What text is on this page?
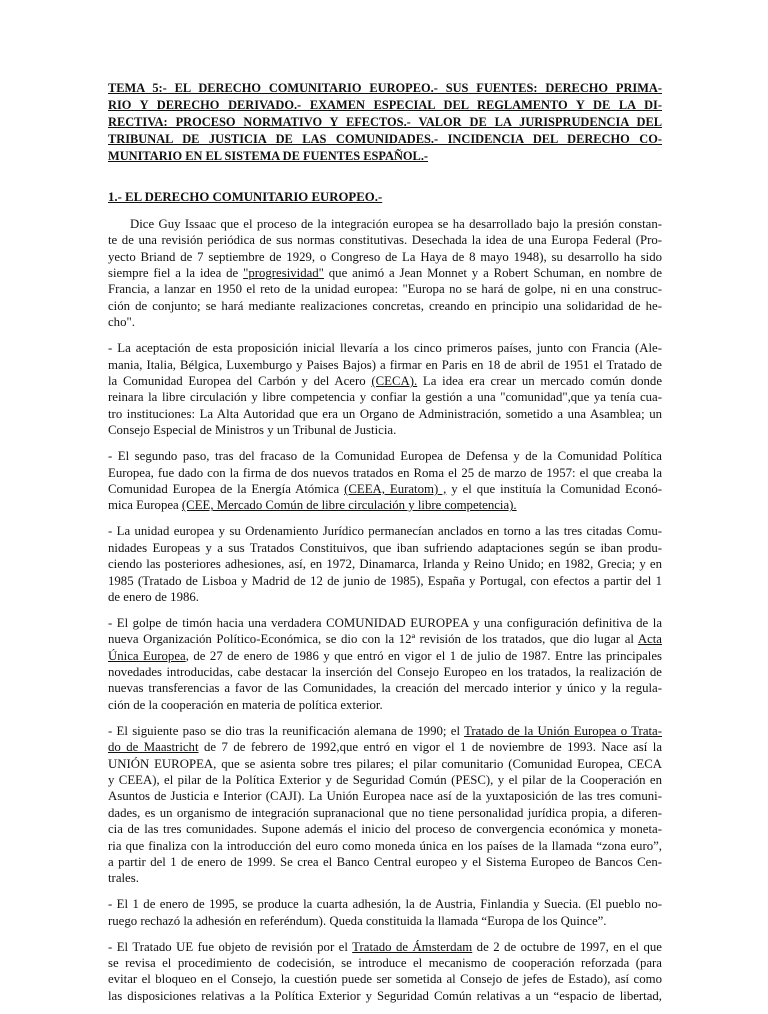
TEMA 5:- EL DERECHO COMUNITARIO EUROPEO.- SUS FUENTES: DERECHO PRIMA-
RIO Y DERECHO DERIVADO.- EXAMEN ESPECIAL DEL REGLAMENTO Y DE LA DI-
RECTIVA: PROCESO NORMATIVO Y EFECTOS.- VALOR DE LA JURISPRUDENCIA DEL
TRIBUNAL DE JUSTICIA DE LAS COMUNIDADES.- INCIDENCIA DEL DERECHO CO-
MUNITARIO EN EL SISTEMA DE FUENTES ESPAÑOL.-
1.- EL DERECHO COMUNITARIO EUROPEO.-
Dice Guy Issaac que el proceso de la integración europea se ha desarrollado bajo la presión constan-
te de una revisión periódica de sus normas constitutivas. Desechada la idea de una Europa Federal (Pro-
yecto Briand de 7 septiembre de 1929, o Congreso de La Haya de 8 mayo 1948), su desarrollo ha sido
siempre fiel a la idea de "progresividad" que animó a Jean Monnet y a Robert Schuman, en nombre de
Francia, a lanzar en 1950 el reto de la unidad europea: "Europa no se hará de golpe, ni en una construc-
ción de conjunto; se hará mediante realizaciones concretas, creando en principio una solidaridad de he-
cho".
- La aceptación de esta proposición inicial llevaría a los cinco primeros países, junto con Francia (Ale-
mania, Italia, Bélgica, Luxemburgo y Paises Bajos) a firmar en Paris en 18 de abril de 1951 el Tratado de
la Comunidad Europea del Carbón y del Acero (CECA). La idea era crear un mercado común donde
reinara la libre circulación y libre competencia y confiar la gestión a una "comunidad",que ya tenía cua-
tro instituciones: La Alta Autoridad que era un Organo de Administración, sometido a una Asamblea; un
Consejo Especial de Ministros y un Tribunal de Justicia.
- El segundo paso, tras del fracaso de la Comunidad Europea de Defensa y de la Comunidad Política
Europea, fue dado con la firma de dos nuevos tratados en Roma el 25 de marzo de 1957: el que creaba la
Comunidad Europea de la Energía Atómica (CEEA, Euratom) , y el que instituía la Comunidad Econó-
mica Europea (CEE, Mercado Común de libre circulación y libre competencia).
- La unidad europea y su Ordenamiento Jurídico permanecían anclados en torno a las tres citadas Comu-
nidades Europeas y a sus Tratados Constituivos, que iban sufriendo adaptaciones según se iban produ-
ciendo las posteriores adhesiones, así, en 1972, Dinamarca, Irlanda y Reino Unido; en 1982, Grecia; y en
1985 (Tratado de Lisboa y Madrid de 12 de junio de 1985), España y Portugal, con efectos a partir del 1
de enero de 1986.
- El golpe de timón hacia una verdadera COMUNIDAD EUROPEA y una configuración definitiva de la
nueva Organización Político-Económica, se dio con la 12ª revisión de los tratados, que dio lugar al Acta
Única Europea, de 27 de enero de 1986 y que entró en vigor el 1 de julio de 1987. Entre las principales
novedades introducidas, cabe destacar la inserción del Consejo Europeo en los tratados, la realización de
nuevas transferencias a favor de las Comunidades, la creación del mercado interior y único y la regula-
ción de la cooperación en materia de política exterior.
- El siguiente paso se dio tras la reunificación alemana de 1990; el Tratado de la Unión Europea o Trata-
do de Maastricht de 7 de febrero de 1992,que entró en vigor el 1 de noviembre de 1993. Nace así la
UNIÓN EUROPEA, que se asienta sobre tres pilares; el pilar comunitario (Comunidad Europea, CECA
y CEEA), el pilar de la Política Exterior y de Seguridad Común (PESC), y el pilar de la Cooperación en
Asuntos de Justicia e Interior (CAJI). La Unión Europea nace así de la yuxtaposición de las tres comuni-
dades, es un organismo de integración supranacional que no tiene personalidad jurídica propia, a diferen-
cia de las tres comunidades. Supone además el inicio del proceso de convergencia económica y moneta-
ria que finaliza con la introducción del euro como moneda única en los países de la llamada “zona euro”,
a partir del 1 de enero de 1999. Se crea el Banco Central europeo y el Sistema Europeo de Bancos Cen-
trales.
- El 1 de enero de 1995, se produce la cuarta adhesión, la de Austria, Finlandia y Suecia. (El pueblo no-
ruego rechazó la adhesión en referéndum). Queda constituida la llamada “Europa de los Quince”.
- El Tratado UE fue objeto de revisión por el Tratado de Ámsterdam de 2 de octubre de 1997, en el que
se revisa el procedimiento de codecisión, se introduce el mecanismo de cooperación reforzada (para
evitar el bloqueo en el Consejo, la cuestión puede ser sometida al Consejo de jefes de Estado), así como
las disposiciones relativas a la Política Exterior y Seguridad Común relativas a un “espacio de libertad,
